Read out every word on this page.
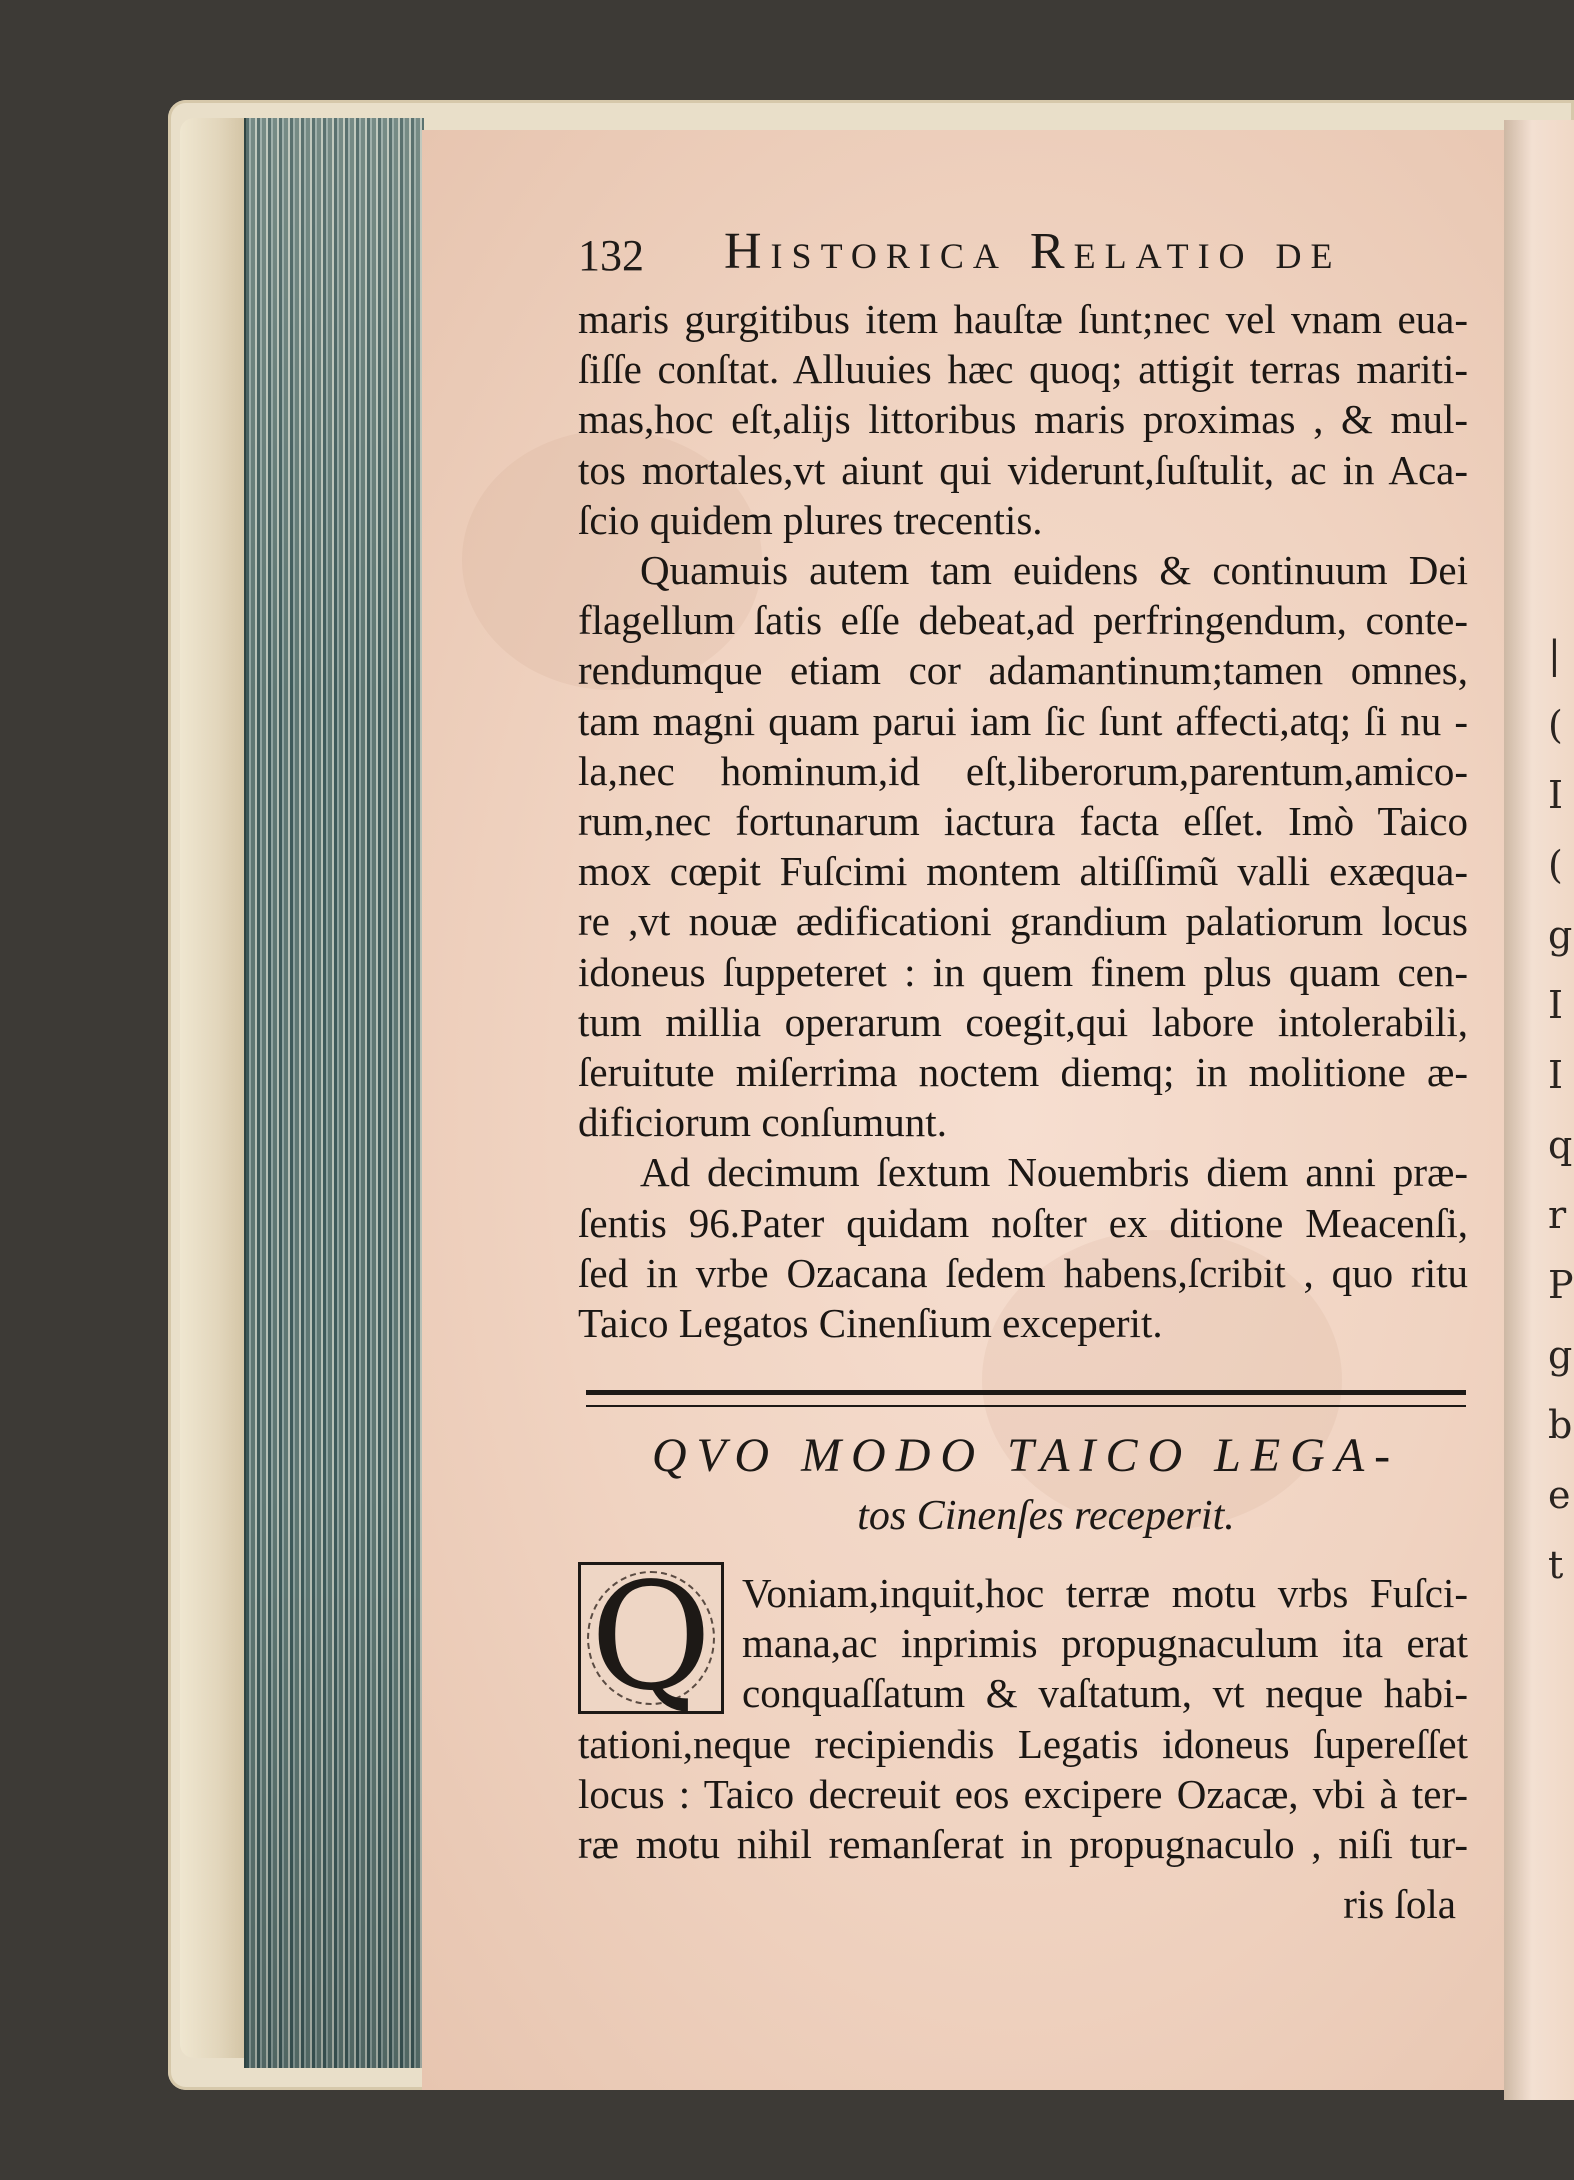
|
(
I
(
g
I
I
q
r
P
g
b
e
t
132 Historica Relatio de
maris gurgitibus item hauſtæ ſunt;nec vel vnam eua-
ſiſſe conſtat. Alluuies hæc quoq; attigit terras mariti-
mas,hoc eſt,alijs littoribus maris proximas , & mul-
tos mortales,vt aiunt qui viderunt,ſuſtulit, ac in Aca-
ſcio quidem plures trecentis.
Quamuis autem tam euidens & continuum Dei
flagellum ſatis eſſe debeat,ad perfringendum, conte-
rendumque etiam cor adamantinum;tamen omnes,
tam magni quam parui iam ſic ſunt affecti,atq; ſi nu -
la,nec hominum,id eſt,liberorum,parentum,amico-
rum,nec fortunarum iactura facta eſſet. Imò Taico
mox cœpit Fuſcimi montem altiſſimũ valli exæqua-
re ,vt nouæ ædificationi grandium palatiorum locus
idoneus ſuppeteret : in quem finem plus quam cen-
tum millia operarum coegit,qui labore intolerabili,
ſeruitute miſerrima noctem diemq; in molitione æ-
dificiorum conſumunt.
Ad decimum ſextum Nouembris diem anni præ-
ſentis 96.Pater quidam noſter ex ditione Meacenſi,
ſed in vrbe Ozacana ſedem habens,ſcribit , quo ritu
Taico Legatos Cinenſium exceperit.
QVO MODO TAICO LEGA-
tos Cinenſes receperit.
Q Voniam,inquit,hoc terræ motu vrbs Fuſci-
mana,ac inprimis propugnaculum ita erat
conquaſſatum & vaſtatum, vt neque habi-
tationi,neque recipiendis Legatis idoneus ſupereſſet
locus : Taico decreuit eos excipere Ozacæ, vbi à ter-
ræ motu nihil remanſerat in propugnaculo , niſi tur-
ris ſola
